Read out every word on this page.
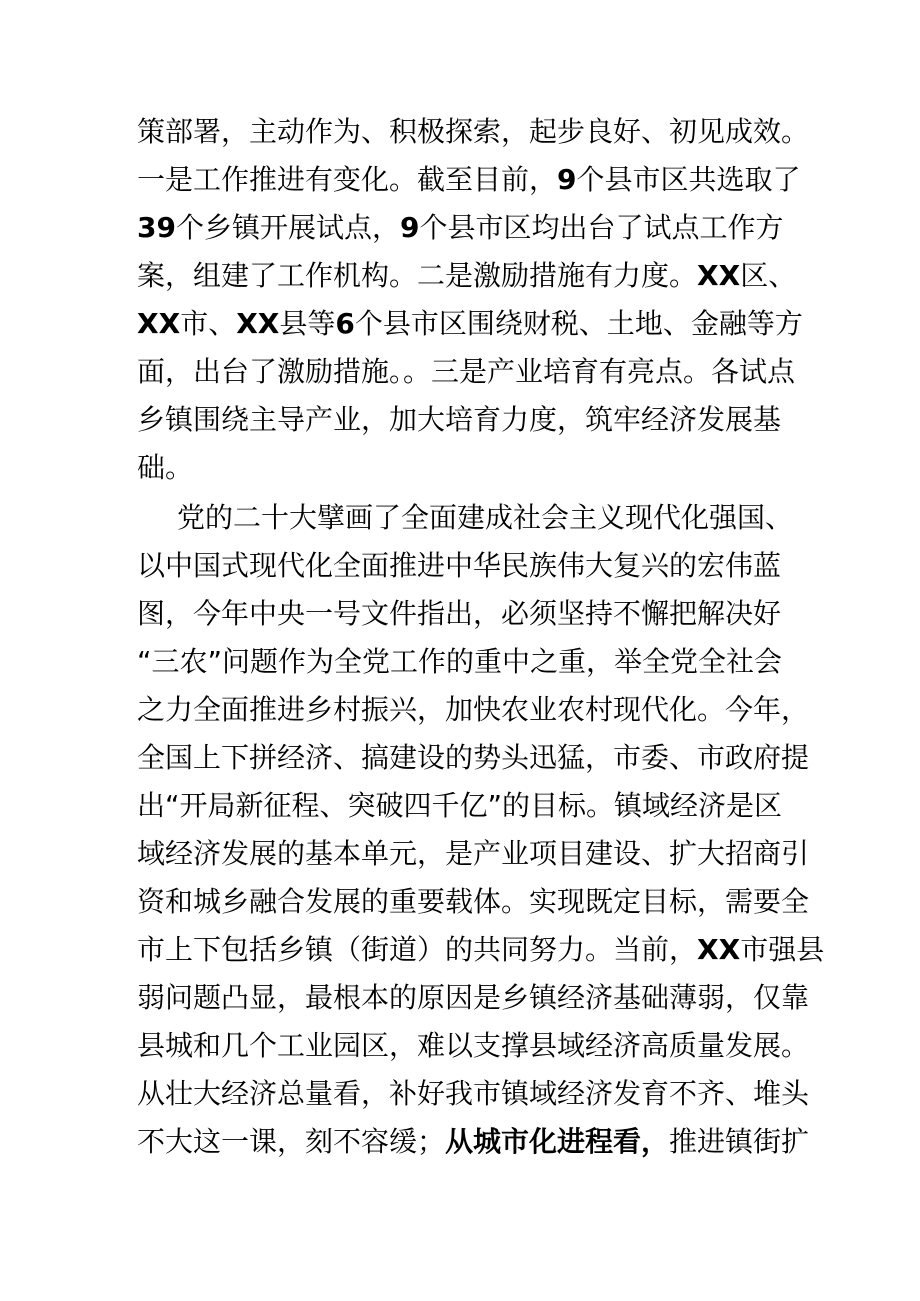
策部署，主动作为、积极探索，起步良好、初见成效。
一是工作推进有变化。截至目前，9个县市区共选取了
39个乡镇开展试点，9个县市区均出台了试点工作方
案，组建了工作机构。二是激励措施有力度。XX区、
XX市、XX县等6个县市区围绕财税、土地、金融等方
面，出台了激励措施。。三是产业培育有亮点。各试点
乡镇围绕主导产业，加大培育力度，筑牢经济发展基
础。
党的二十大擘画了全面建成社会主义现代化强国、
以中国式现代化全面推进中华民族伟大复兴的宏伟蓝
图，今年中央一号文件指出，必须坚持不懈把解决好
“三农”问题作为全党工作的重中之重，举全党全社会
之力全面推进乡村振兴，加快农业农村现代化。今年，
全国上下拼经济、搞建设的势头迅猛，市委、市政府提
出“开局新征程、突破四千亿”的目标。镇域经济是区
域经济发展的基本单元，是产业项目建设、扩大招商引
资和城乡融合发展的重要载体。实现既定目标，需要全
市上下包括乡镇（街道）的共同努力。当前，XX市强县
弱问题凸显，最根本的原因是乡镇经济基础薄弱，仅靠
县城和几个工业园区，难以支撑县域经济高质量发展。
从壮大经济总量看，补好我市镇域经济发育不齐、堆头
不大这一课，刻不容缓；从城市化进程看，推进镇街扩
